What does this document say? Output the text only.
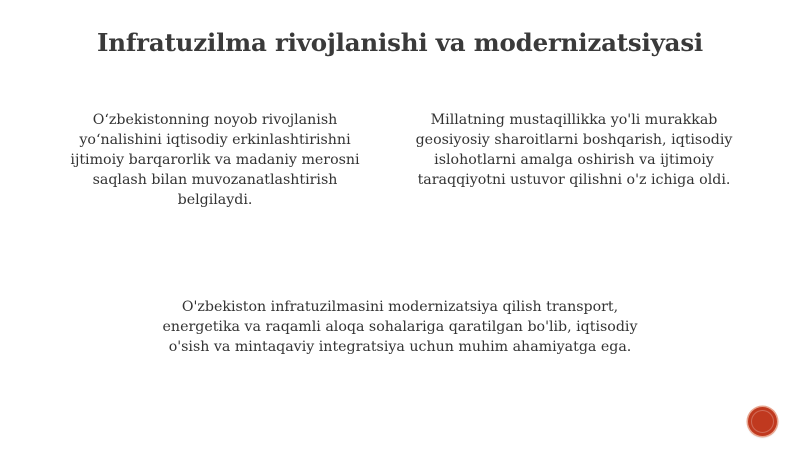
Infratuzilma rivojlanishi va modernizatsiyasi

O‘zbekistonning noyob rivojlanish yo‘nalishini iqtisodiy erkinlashtirishni ijtimoiy barqarorlik va madaniy merosni saqlash bilan muvozanatlashtirish belgilaydi.

Millatning mustaqillikka yo'li murakkab geosiyosiy sharoitlarni boshqarish, iqtisodiy islohotlarni amalga oshirish va ijtimoiy taraqqiyotni ustuvor qilishni o'z ichiga oldi.

O'zbekiston infratuzilmasini modernizatsiya qilish transport, energetika va raqamli aloqa sohalariga qaratilgan bo'lib, iqtisodiy o'sish va mintaqaviy integratsiya uchun muhim ahamiyatga ega.
